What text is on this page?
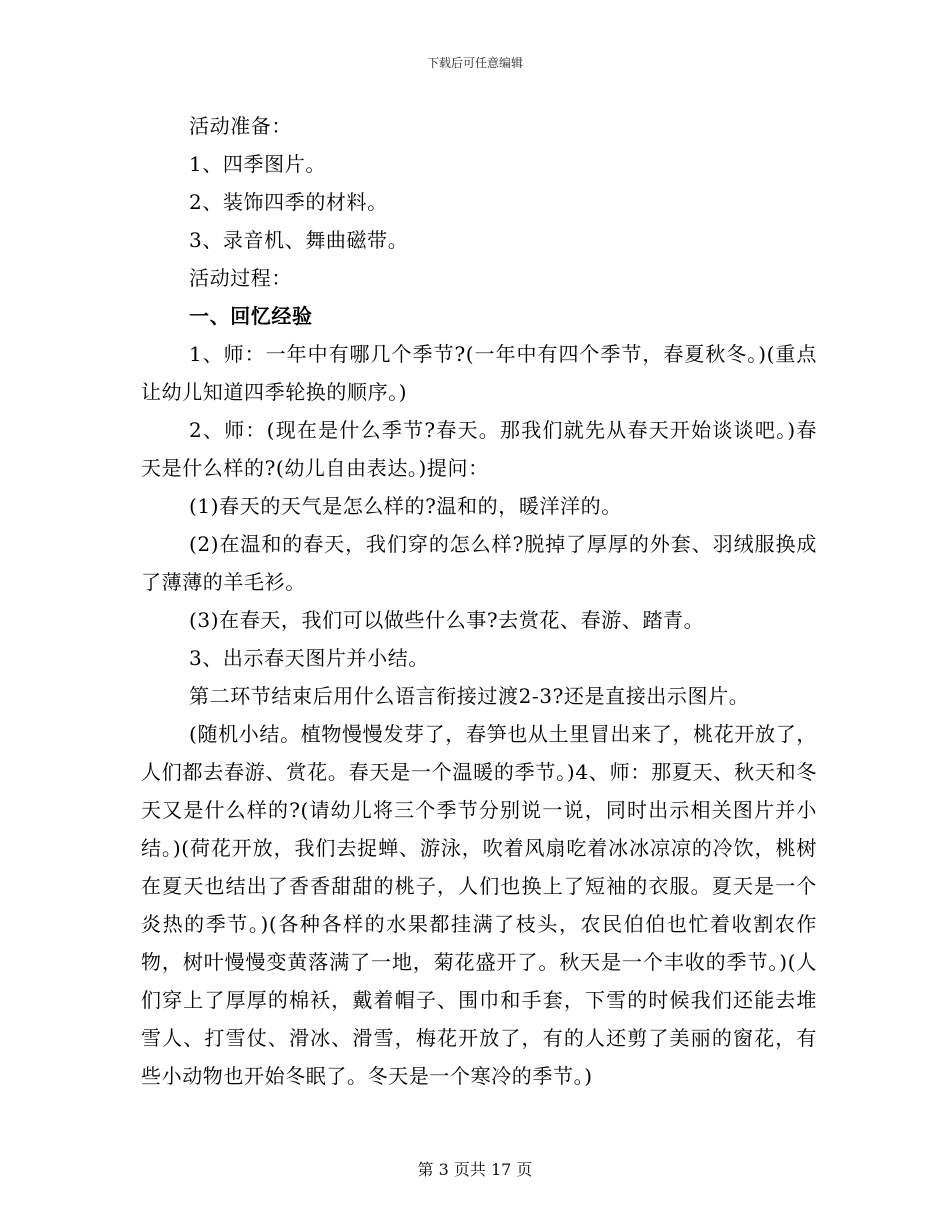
下载后可任意编辑

活动准备：

1、四季图片。

2、装饰四季的材料。

3、录音机、舞曲磁带。

活动过程：

一、回忆经验

1、师：一年中有哪几个季节?(一年中有四个季节，春夏秋冬。)(重点让幼儿知道四季轮换的顺序。)

2、师：(现在是什么季节?春天。那我们就先从春天开始谈谈吧。)春天是什么样的?(幼儿自由表达。)提问：

(1)春天的天气是怎么样的?温和的，暖洋洋的。

(2)在温和的春天，我们穿的怎么样?脱掉了厚厚的外套、羽绒服换成了薄薄的羊毛衫。

(3)在春天，我们可以做些什么事?去赏花、春游、踏青。

3、出示春天图片并小结。

第二环节结束后用什么语言衔接过渡2-3?还是直接出示图片。

(随机小结。植物慢慢发芽了，春笋也从土里冒出来了，桃花开放了，人们都去春游、赏花。春天是一个温暖的季节。)4、师：那夏天、秋天和冬天又是什么样的?(请幼儿将三个季节分别说一说，同时出示相关图片并小结。)(荷花开放，我们去捉蝉、游泳，吹着风扇吃着冰冰凉凉的冷饮，桃树在夏天也结出了香香甜甜的桃子，人们也换上了短袖的衣服。夏天是一个炎热的季节。)(各种各样的水果都挂满了枝头，农民伯伯也忙着收割农作物，树叶慢慢变黄落满了一地，菊花盛开了。秋天是一个丰收的季节。)(人们穿上了厚厚的棉袄，戴着帽子、围巾和手套，下雪的时候我们还能去堆雪人、打雪仗、滑冰、滑雪，梅花开放了，有的人还剪了美丽的窗花，有些小动物也开始冬眠了。冬天是一个寒冷的季节。)

第 3 页共 17 页
